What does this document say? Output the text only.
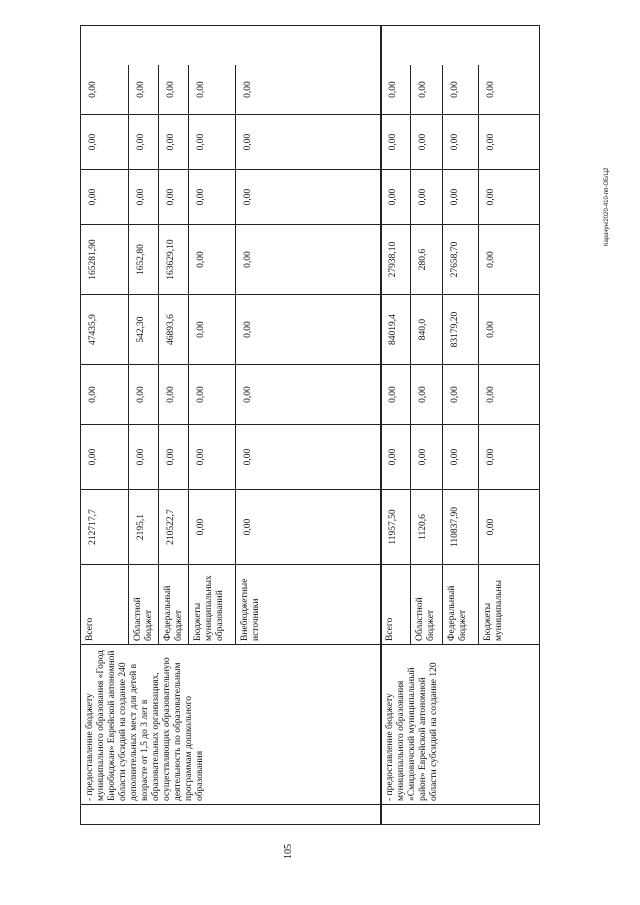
105
- предоставление бюджету муниципального образования «Город Биробиджан» Еврейской автономной области субсидий на создание 240 дополнительных мест для детей в возрасте от 1,5 до 3 лет в образовательных организациях, осуществляющих образовательную деятельность по образовательным программам дошкольного образования
Всего
212717,7
0,00
0,00
47435,9
165281,90
0,00
0,00
0,00
Областной бюджет
2195,1
0,00
0,00
542,30
1652,80
0,00
0,00
0,00
Федеральный бюджет
210522,7
0,00
0,00
46893,6
163629,10
0,00
0,00
0,00
Бюджеты муниципальных образований
0,00
0,00
0,00
0,00
0,00
0,00
0,00
0,00
Внебюджетные источники
0,00
0,00
0,00
0,00
0,00
0,00
0,00
0,00
- предоставление бюджету муниципального образования «Смидовичский муниципальный район» Еврейской автономной области субсидий на создание 120
Всего
11957,50
0,00
0,00
84019,4
27938,10
0,00
0,00
0,00
Областной бюджет
1120,6
0,00
0,00
840,0
280,6
0,00
0,00
0,00
Федеральный бюджет
110837,90
0,00
0,00
83179,20
27658,70
0,00
0,00
0,00
Бюджеты муниципальны
0,00
0,00
0,00
0,00
0,00
0,00
0,00
0,00
Карачун/2020-410-пп-ОБ/Ц2
